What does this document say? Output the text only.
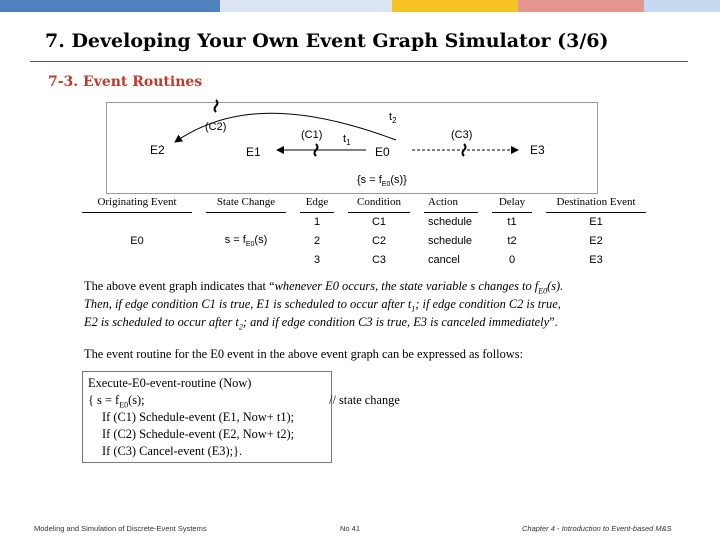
7. Developing Your Own Event Graph Simulator (3/6)
7-3. Event Routines
E2	E1	E0	E3
(C2)
(C1)	(C3)
$t_1$
$t_2$
$\{s = f_{E0}(s)\}$
Originating Event		State Change		Edge		Condition		Action		Delay		Destination Event
E0		$s = f_{E0}(s)$		1		C1		schedule		t1		E1
				2		C2		schedule		t2		E2
				3		C3		cancel		0		E3
The above event graph indicates that “whenever E0 occurs, the state variable s changes to $f_{E0}(s)$.
Then, if edge condition C1 is true, E1 is scheduled to occur after $t_1$; if edge condition C2 is true,
E2 is scheduled to occur after $t_2$; and if edge condition C3 is true, E3 is canceled immediately”.
The event routine for the E0 event in the above event graph can be expressed as follows:
Execute-E0-event-routine (Now)
{ $s = f_{E0}(s)$;	// state change
If (C1) Schedule-event (E1, Now+ t1);
If (C2) Schedule-event (E2, Now+ t2);
If (C3) Cancel-event (E3);}.
Modeling and Simulation of Discrete-Event Systems	No 41	Chapter 4 - Introduction to Event-based M&S
